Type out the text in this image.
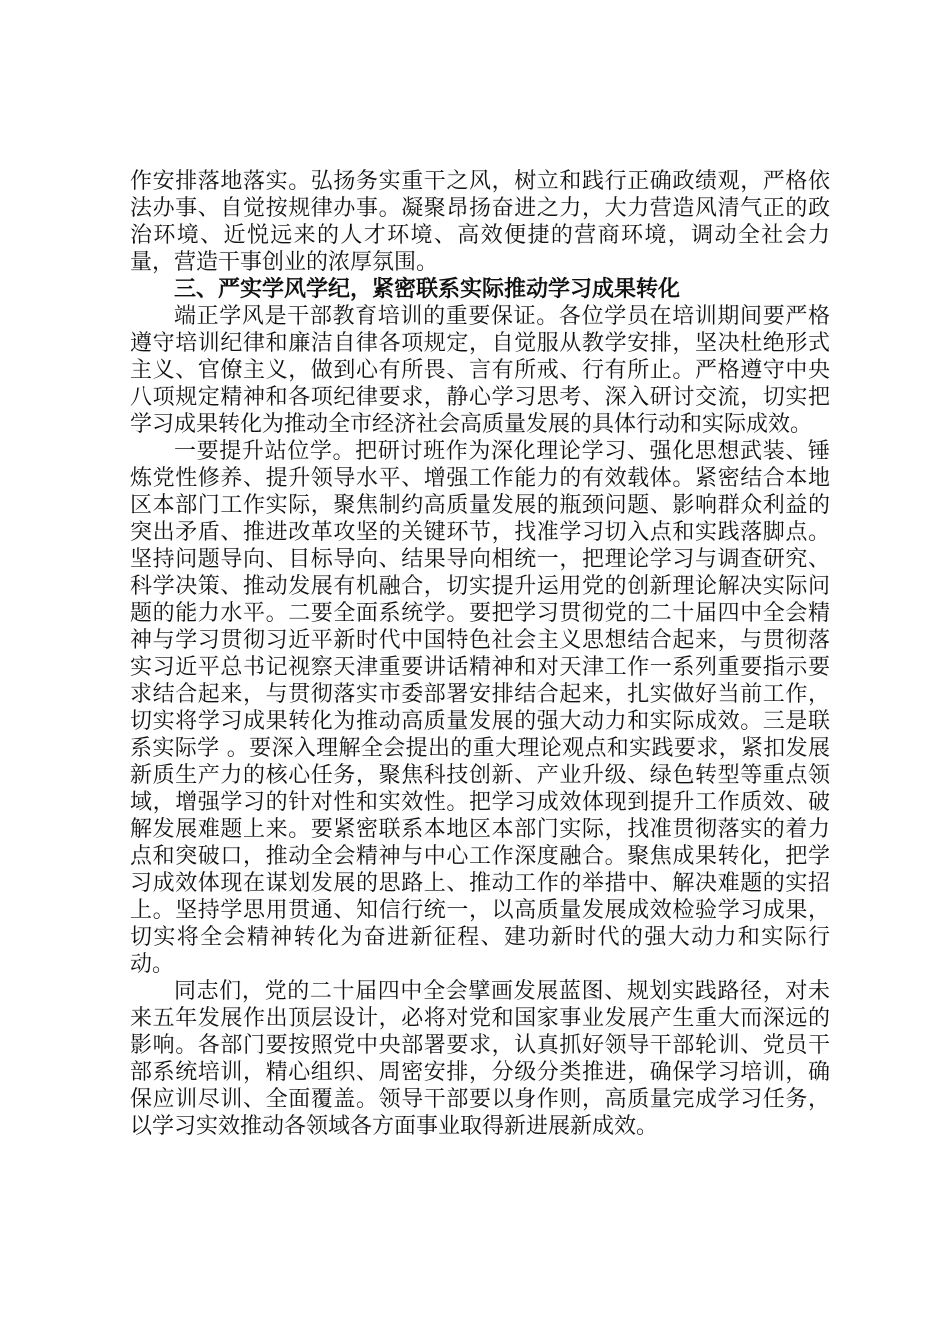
作安排落地落实。弘扬务实重干之风，树立和践行正确政绩观，严格依法办事、自觉按规律办事。凝聚昂扬奋进之力，大力营造风清气正的政治环境、近悦远来的人才环境、高效便捷的营商环境，调动全社会力量，营造干事创业的浓厚氛围。

三、严实学风学纪，紧密联系实际推动学习成果转化

端正学风是干部教育培训的重要保证。各位学员在培训期间要严格遵守培训纪律和廉洁自律各项规定，自觉服从教学安排，坚决杜绝形式主义、官僚主义，做到心有所畏、言有所戒、行有所止。严格遵守中央八项规定精神和各项纪律要求，静心学习思考、深入研讨交流，切实把学习成果转化为推动全市经济社会高质量发展的具体行动和实际成效。

一要提升站位学。把研讨班作为深化理论学习、强化思想武装、锤炼党性修养、提升领导水平、增强工作能力的有效载体。紧密结合本地区本部门工作实际，聚焦制约高质量发展的瓶颈问题、影响群众利益的突出矛盾、推进改革攻坚的关键环节，找准学习切入点和实践落脚点。坚持问题导向、目标导向、结果导向相统一，把理论学习与调查研究、科学决策、推动发展有机融合，切实提升运用党的创新理论解决实际问题的能力水平。二要全面系统学。要把学习贯彻党的二十届四中全会精神与学习贯彻习近平新时代中国特色社会主义思想结合起来，与贯彻落实习近平总书记视察天津重要讲话精神和对天津工作一系列重要指示要求结合起来，与贯彻落实市委部署安排结合起来，扎实做好当前工作，切实将学习成果转化为推动高质量发展的强大动力和实际成效。三是联系实际学 。要深入理解全会提出的重大理论观点和实践要求，紧扣发展新质生产力的核心任务，聚焦科技创新、产业升级、绿色转型等重点领域，增强学习的针对性和实效性。把学习成效体现到提升工作质效、破解发展难题上来。要紧密联系本地区本部门实际，找准贯彻落实的着力点和突破口，推动全会精神与中心工作深度融合。聚焦成果转化，把学习成效体现在谋划发展的思路上、推动工作的举措中、解决难题的实招上。坚持学思用贯通、知信行统一，以高质量发展成效检验学习成果，切实将全会精神转化为奋进新征程、建功新时代的强大动力和实际行动。

同志们，党的二十届四中全会擘画发展蓝图、规划实践路径，对未来五年发展作出顶层设计，必将对党和国家事业发展产生重大而深远的影响。各部门要按照党中央部署要求，认真抓好领导干部轮训、党员干部系统培训，精心组织、周密安排，分级分类推进，确保学习培训，确保应训尽训、全面覆盖。领导干部要以身作则，高质量完成学习任务，以学习实效推动各领域各方面事业取得新进展新成效。
